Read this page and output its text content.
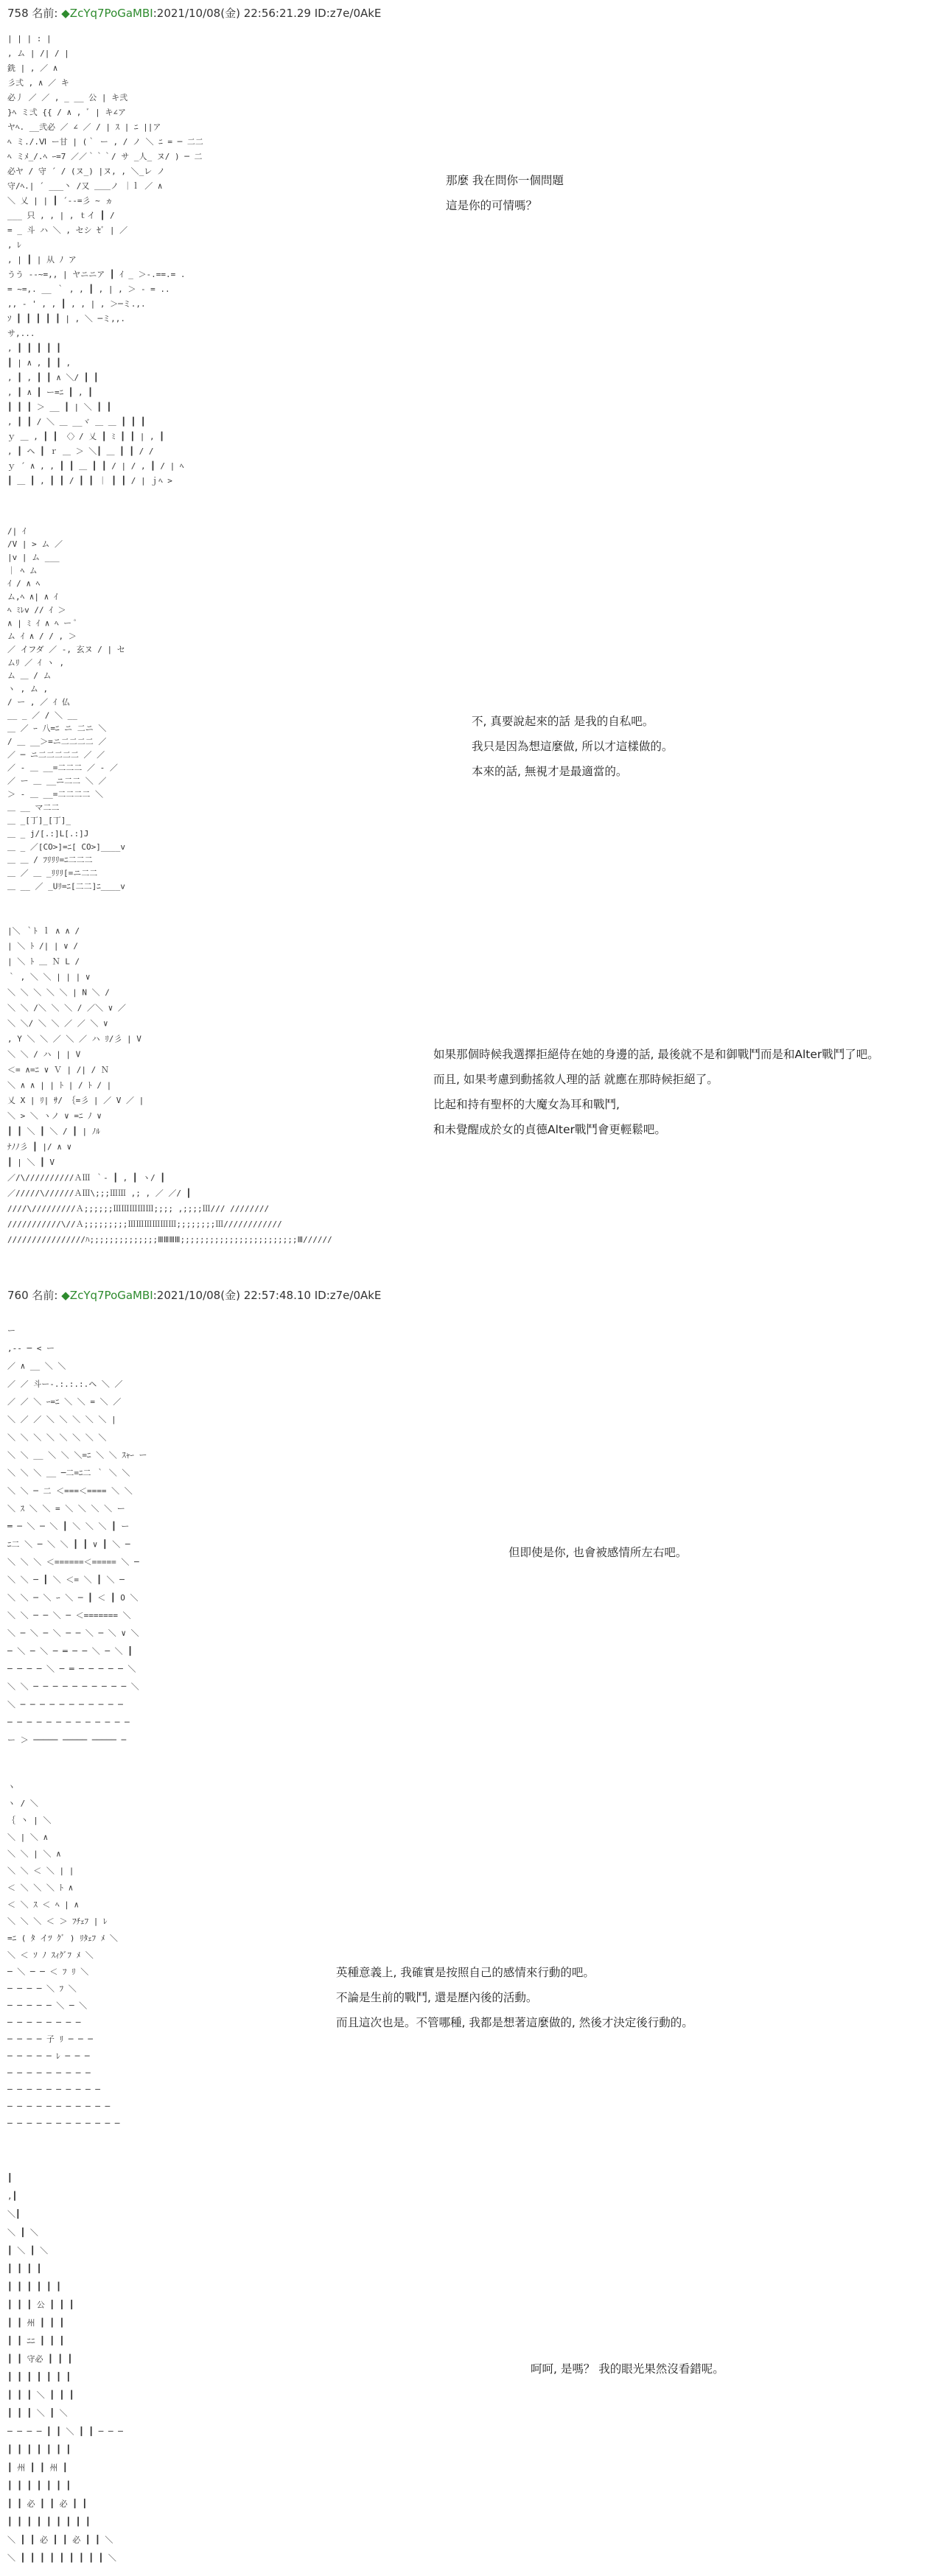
758 名前: ◆ZcYq7PoGaMBI:2021/10/08(金) 22:56:21.29 ID:z7e/0AkE
| | | : |
, ム | /| / |
銑 | , ／ ∧
彡弍 , ∧ ／ キ
必丿 ／ ／ , _ __ 公 | キ弐
}ﾍ ミ弍 {{ / ∧ , ﾞ | キ∠ア
ヤﾍ. __弐必 ／ ∠ ／ / | ｽ | ﾆ ||ア
ﾍ ミ./.Ⅵ ー甘 | (｀ ー , / ノ ＼ ﾆ = ─ 二二
ﾍ ミﾒ_/.ﾍ ｰ=7 ／／｀｀｀/ サ _人_ ヌ/ ) ─ 二
必ヤ / 守 ´ / (ヌ_) |ヌ, , ＼_レ ノ
守/ﾍ.| ´ ___丶 /又 ＿＿ノ ｜ｌ ／ ∧
＼ 乂 | | ┃ ´-‐=彡 ~ ヵ
___ 只 , , | , ｔイ ┃ /
= _ 斗 ハ ＼ , セシ ｾﾞ | ／
, ﾚ
, | ┃ | 从 ﾉ ア
うう --~=,, | ヤニニア ┃ ｲ _ ＞-.==.= .
= ~=,. __ ｀ , , ┃ , | , ＞ - = ..
,, ‐ ' , , ┃ , , | , ＞─ミ.,.
ｿ ┃ ┃ ┃ ┃ ┃ | , ＼ ─ミ,,.
サ,...
, ┃ ┃ ┃ ┃ ┃
┃ | ∧ , ┃ ┃ ,
, ┃ , ┃ ┃ ∧ ＼/ ┃ ┃
, ┃ ∧ ┃ ー=ﾆ ┃ , ┃
┃ ┃ ┃ ＞ __ ┃ | ＼ ┃ ┃
, ┃ ┃ / ＼ ＿ __ヾ ＿ ＿ ┃ ┃ ┃
ｙ ＿ , ┃ ┃ 〈〉/ 乂 ┃ ﾐ ┃ ┃ | , ┃
, ┃ ヘ ┃ ｒ ＿ ＞ ＼┃ ＿ ┃ ┃ / /
ｙ ´ ∧ , , ┃ ┃ ＿ ┃ ┃ / | / , ┃ / | ﾍ
┃ ＿ ┃ , ┃ ┃ / ┃ ┃ ｜ ┃ ┃ / | ｊﾍ >

那麼 我在問你一個問題

這是你的可情嗎？

/| ｲ
/V | > ム ／
|v | ム ___
｜ ﾍ ム
ｲ / ∧ ﾍ
ム,ﾍ ∧| ∧ ｲ
ﾍ ﾐﾚv // ｲ ＞
∧ | ﾐ ｲ ∧ ﾍ ー ﾟ
ム ｲ ∧ / / , ＞
／ イフダ ／ ‐, 玄ヌ / | セ
ムﾘ ／ ｲ ヽ ,
ム ＿ / ム
ヽ , ム ,
/ ー , ／ ｲ 仏
__ _ ／ / ＼ __
＿ ／ ｰ 八=ﾆ ニ 二ニ ＼
/ ＿ __＞=ニ二二二二 ／
／ ─ ニ二二二二二 ／ ／
／ ‐ ＿ __=二二二 ／ ‐ ／
／ ー ＿ __ニ二二 ＼ ／
＞ ‐ ＿ __=二二二二 ＼
＿ __ マ二二
＿ _[丁]_[丁]_
＿ _ j/[.:]L[.:]J
＿ _ ／[CO>]=ﾆ[ CO>]____v
＿ ＿ / ﾌﾘﾘﾘ=ﾆ二二二
＿ ／ ＿ _ﾘﾘﾘ[=ニ二二
＿ __ ／ _Uﾘ=ﾆ[二二]ﾆ____v

不, 真要說起來的話 是我的自私吧。

我只是因為想這麼做, 所以才這樣做的。

本來的話, 無視才是最適當的。

|＼ ｀ﾄ ｌ ∧ ∧ /
| ＼ ﾄ /| | ∨ /
| ＼ ﾄ ＿ Ｎ L /
｀ , ＼ ＼ | | | ∨
＼ ＼ ＼ ＼ ＼ | N ＼ /
＼ ＼ /＼ ＼ ＼ / ／＼ ∨ ／
＼ ＼/ ＼ ＼ ／ ／ ＼ ∨
, Y ＼ ＼ ／ ＼ ／ ハ ﾘ/彡 | V
＼ ＼ / ハ | | V
＜= ∧=ﾆ ∨ Ｖ | /| / Ｎ
＼ ∧ ∧ | | ﾄ | / ﾄ / |
乂 X | ﾘ| ｻ/ ｛=彡 | ／ V ／ |
＼ > ＼ ヽノ ∨ =ﾆ ﾉ ∨
┃ ┃ ＼ ┃ ＼ / ┃ | ﾉﾙ
ﾅﾉﾉ彡 ┃ |/ ∧ ∨
┃ | ＼ ┃ V
／/\//////////ＡⅢ ｀‐ ┃ , ┃ ヽ/ ┃
／/////\//////ＡⅢ\;;;ⅢⅢ ,; , ／ ／/ ┃
////\/////////Ａ;;;;;;ⅢⅢⅢⅢⅢ;;;; ,;;;;Ⅲ/// ////////
///////////\//Ａ;;;;;;;;;ⅢⅢⅢⅢⅢⅢ;;;;;;;;Ⅲ////////////
////////////////ﾊ;;;;;;;;;;;;;;ⅢⅢⅢⅢ;;;;;;;;;;;;;;;;;;;;;;;;Ⅲ//////

如果那個時候我選擇拒絕侍在她的身邊的話, 最後就不是和御戰鬥而是和Alter戰鬥了吧。

而且, 如果考慮到動搖敘人理的話 就應在那時候拒絕了。

比起和持有聖杯的大魔女為耳和戰鬥,

和未覺醒成於女的貞德Alter戰鬥會更輕鬆吧。

760 名前: ◆ZcYq7PoGaMBI:2021/10/08(金) 22:57:48.10 ID:z7e/0AkE
ー
,-‐ ─ < ー
／ ∧ __ ＼ ＼
／ ／ 斗ー‐.:.:.:.ヘ ＼ ／
／ ／ ＼ ｰ=ﾆ ＼ ＼ = ＼ ／
＼ ／ ／ ＼ ＼ ＼ ＼ ＼ |
＼ ＼ ＼ ＼ ＼ ＼ ＼ ＼
＼ ＼ __ ＼ ＼ ＼=ﾆ ＼ ＼ ｽｬｰ ー
＼ ＼ ＼ __ ─二=ﾆ二 ｀ ＼ ＼
＼ ＼ ─ 二 ＜===＜==== ＼ ＼
＼ ｽ ＼ ＼ = ＼ ＼ ＼ ＼ ー
═ ─ ＼ ─ ＼ ┃ ＼ ＼ ＼ ┃ ー
ﾆ二 ＼ ─ ＼ ＼ ┃ ┃ ∨ ┃ ＼ ─
＼ ＼ ＼ ＜======＜===== ＼ ─
＼ ＼ ─ ┃ ＼ ＜= ＼ ┃ ＼ ─
＼ ＼ ─ ＼ ｰ ＼ ─ ┃ ＜ ┃ O ＼
＼ ＼ ─ ─ ＼ ─ ＜======= ＼
＼ ─ ＼ ─ ＼ ─ ─ ＼ ─ ＼ ∨ ＼
─ ＼ ─ ＼ ─ ═ ─ ─ ＼ ─ ＼ ┃
─ ─ ─ ─ ＼ ─ ═ ─ ─ ─ ─ ─ ＼
＼ ＼ ─ ─ ─ ─ ─ ─ ─ ─ ─ ─ ＼
＼ ─ ─ ─ ─ ─ ─ ─ ─ ─ ─ ─
─ ─ ─ ─ ─ ─ ─ ─ ─ ─ ─ ─ ─
ー ＞ ───── ───── ───── ─

但即使是你, 也會被感情所左右吧。

ヽ
ヽ / ＼
｛ 丶 | ＼
＼ | ＼ ∧
＼ ＼ | ＼ ∧
＼ ＼ ＜ ＼ | |
＜ ＼ ＼ ＼ ﾄ ∧
＜ ＼ ｽ ＜ ﾍ | ∧
＼ ＼ ＼ ＜ ＞ ﾌﾁｪﾌ | ﾚ
=ﾆ ( ﾀ イﾂ ｸﾞ ) ﾘﾀｪﾌ ﾒ ＼
＼ ＜ ｿ ﾉ ｽｨｸﾞﾌ ﾒ ＼
─ ＼ ─ ─ ＜ ﾌ ﾘ ＼
─ ─ ─ ─ ＼ ﾌ ＼
─ ─ ─ ─ ─ ＼ ─ ＼
─ ─ ─ ─ ─ ─ ─ ─
─ ─ ─ ─ 子 ﾘ ─ ─ ─
─ ─ ─ ─ ─ ﾚ ─ ─ ─
─ ─ ─ ─ ─ ─ ─ ─ ─
─ ─ ─ ─ ─ ─ ─ ─ ─ ─
─ ─ ─ ─ ─ ─ ─ ─ ─ ─ ─
─ ─ ─ ─ ─ ─ ─ ─ ─ ─ ─ ─

英種意義上, 我確實是按照自己的感情來行動的吧。

不論是生前的戰鬥, 還是歷內後的活動。

而且這次也是。不管哪種, 我都是想著這麼做的, 然後才決定後行動的。

┃
,┃
＼┃
＼ ┃ ＼
┃ ＼ ┃ ＼
┃ ┃ ┃ ┃
┃ ┃ ┃ ┃ ┃ ┃
┃ ┃ ┃ 公 ┃ ┃ ┃
┃ ┃ 州 ┃ ┃ ┃
┃ ┃ ﾆﾆ ┃ ┃ ┃
┃ ┃ 守必 ┃ ┃ ┃
┃ ┃ ┃ ┃ ┃ ┃ ┃
┃ ┃ ┃ ＼ ┃ ┃ ┃
┃ ┃ ┃ ＼ ┃ ＼
─ ─ ─ ─ ┃ ┃ ＼ ┃ ┃ ─ ─ ─
┃ ┃ ┃ ┃ ┃ ┃ ┃
┃ 州 ┃ ┃ 州 ┃
┃ ┃ ┃ ┃ ┃ ┃ ┃
┃ ┃ 必 ┃ ┃ 必 ┃ ┃
┃ ┃ ┃ ┃ ┃ ┃ ┃ ┃ ┃
＼ ┃ ┃ 必 ┃ ┃ 必 ┃ ┃ ＼
＼ ┃ ┃ ┃ ┃ ┃ ┃ ┃ ┃ ┃ ＼

呵呵, 是嗎？ 我的眼光果然沒看錯呢。
